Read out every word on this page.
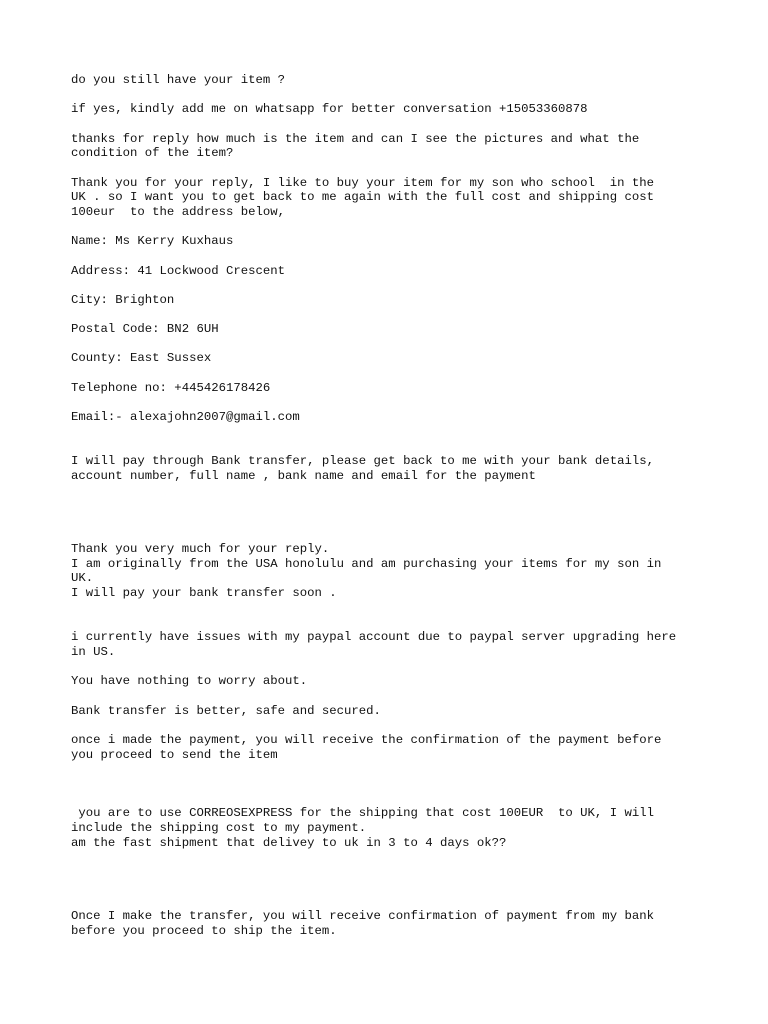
do you still have your item ?

if yes, kindly add me on whatsapp for better conversation +15053360878

thanks for reply how much is the item and can I see the pictures and what the

condition of the item?

Thank you for your reply, I like to buy your item for my son who school  in the

UK . so I want you to get back to me again with the full cost and shipping cost

100eur  to the address below,

Name: Ms Kerry Kuxhaus

Address: 41 Lockwood Crescent

City: Brighton

Postal Code: BN2 6UH

County: East Sussex

Telephone no: +445426178426

Email:- alexajohn2007@gmail.com

I will pay through Bank transfer, please get back to me with your bank details,

account number, full name , bank name and email for the payment

Thank you very much for your reply.

I am originally from the USA honolulu and am purchasing your items for my son in

UK.

I will pay your bank transfer soon .

i currently have issues with my paypal account due to paypal server upgrading here

in US.

You have nothing to worry about.

Bank transfer is better, safe and secured.

once i made the payment, you will receive the confirmation of the payment before

you proceed to send the item

you are to use CORREOSEXPRESS for the shipping that cost 100EUR  to UK, I will

include the shipping cost to my payment.

am the fast shipment that delivey to uk in 3 to 4 days ok??

Once I make the transfer, you will receive confirmation of payment from my bank

before you proceed to ship the item.
